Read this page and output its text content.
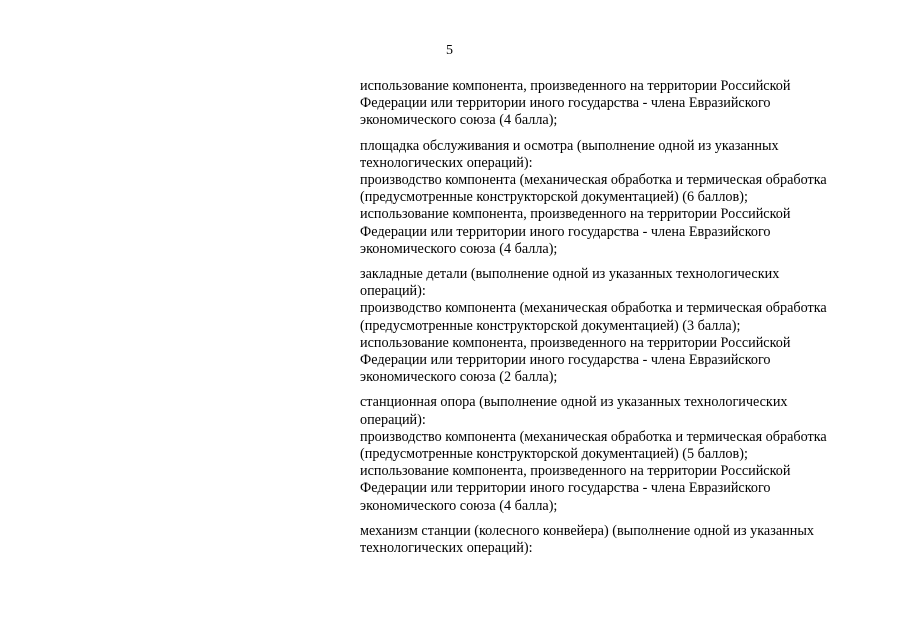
5
использование компонента, произведенного на территории Российской
Федерации или территории иного государства - члена Евразийского
экономического союза (4 балла);
площадка обслуживания и осмотра (выполнение одной из указанных
технологических операций):
производство компонента (механическая обработка и термическая обработка
(предусмотренные конструкторской документацией) (6 баллов);
использование компонента, произведенного на территории Российской
Федерации или территории иного государства - члена Евразийского
экономического союза (4 балла);
закладные детали (выполнение одной из указанных технологических
операций):
производство компонента (механическая обработка и термическая обработка
(предусмотренные конструкторской документацией) (3 балла);
использование компонента, произведенного на территории Российской
Федерации или территории иного государства - члена Евразийского
экономического союза (2 балла);
станционная опора (выполнение одной из указанных технологических
операций):
производство компонента (механическая обработка и термическая обработка
(предусмотренные конструкторской документацией) (5 баллов);
использование компонента, произведенного на территории Российской
Федерации или территории иного государства - члена Евразийского
экономического союза (4 балла);
механизм станции (колесного конвейера) (выполнение одной из указанных
технологических операций):
